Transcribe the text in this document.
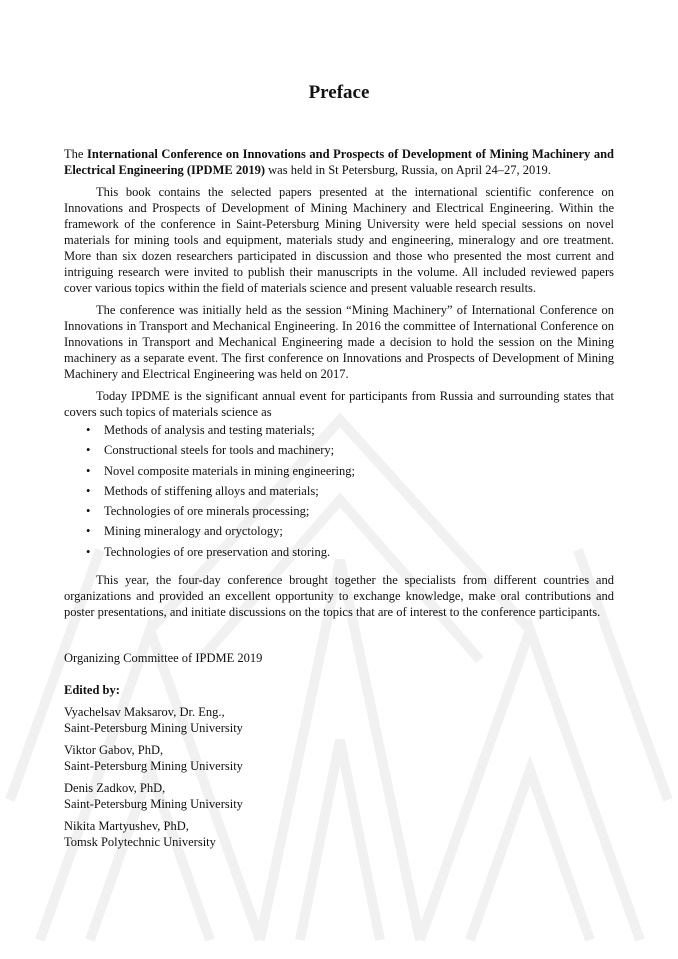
Preface

The International Conference on Innovations and Prospects of Development of Mining Machinery and Electrical Engineering (IPDME 2019) was held in St Petersburg, Russia, on April 24–27, 2019.

This book contains the selected papers presented at the international scientific conference on Innovations and Prospects of Development of Mining Machinery and Electrical Engineering. Within the framework of the conference in Saint-Petersburg Mining University were held special sessions on novel materials for mining tools and equipment, materials study and engineering, mineralogy and ore treatment. More than six dozen researchers participated in discussion and those who presented the most current and intriguing research were invited to publish their manuscripts in the volume. All included reviewed papers cover various topics within the field of materials science and present valuable research results.

The conference was initially held as the session “Mining Machinery” of International Conference on Innovations in Transport and Mechanical Engineering. In 2016 the committee of International Conference on Innovations in Transport and Mechanical Engineering made a decision to hold the session on the Mining machinery as a separate event. The first conference on Innovations and Prospects of Development of Mining Machinery and Electrical Engineering was held on 2017.

Today IPDME is the significant annual event for participants from Russia and surrounding states that covers such topics of materials science as

• Methods of analysis and testing materials;
• Constructional steels for tools and machinery;
• Novel composite materials in mining engineering;
• Methods of stiffening alloys and materials;
• Technologies of ore minerals processing;
• Mining mineralogy and oryctology;
• Technologies of ore preservation and storing.

This year, the four-day conference brought together the specialists from different countries and organizations and provided an excellent opportunity to exchange knowledge, make oral contributions and poster presentations, and initiate discussions on the topics that are of interest to the conference participants.

Organizing Committee of IPDME 2019
Edited by:
Vyachelsav Maksarov, Dr. Eng.,
Saint-Petersburg Mining University
Viktor Gabov, PhD,
Saint-Petersburg Mining University
Denis Zadkov, PhD,
Saint-Petersburg Mining University
Nikita Martyushev, PhD,
Tomsk Polytechnic University
